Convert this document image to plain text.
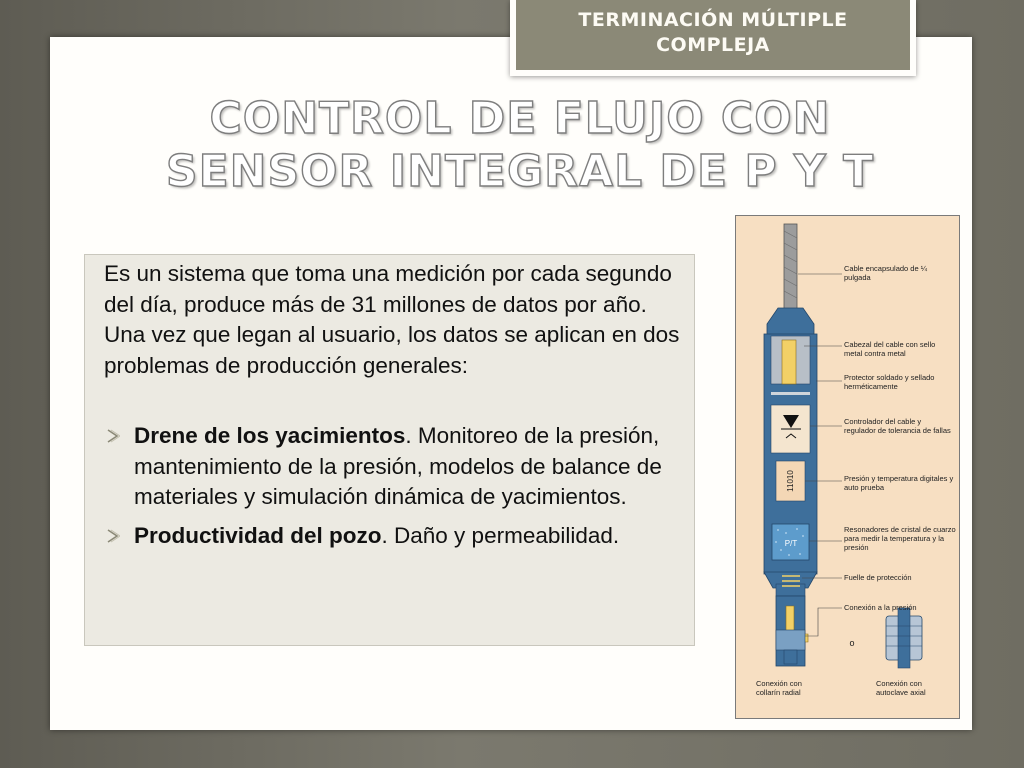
TERMINACIÓN MÚLTIPLE COMPLEJA
CONTROL DE FLUJO CON SENSOR INTEGRAL DE P Y T
Es un sistema que toma una medición por cada segundo del día, produce más de 31 millones de datos por año. Una vez que legan al usuario, los datos se aplican en dos problemas de producción generales:
Drene de los yacimientos. Monitoreo de la presión, mantenimiento de la presión, modelos de balance de materiales y simulación dinámica de yacimientos.
Productividad del pozo. Daño y permeabilidad.
11010
P/T
o
Cable encapsulado de ¼ pulgada
Cabezal del cable con sello metal contra metal
Protector soldado y sellado herméticamente
Controlador del cable y regulador de tolerancia de fallas
Presión y temperatura digitales y auto prueba
Resonadores de cristal de cuarzo para medir la temperatura y la presión
Fuelle de protección
Conexión a la presión
Conexión con collarín radial
Conexión con autoclave axial
